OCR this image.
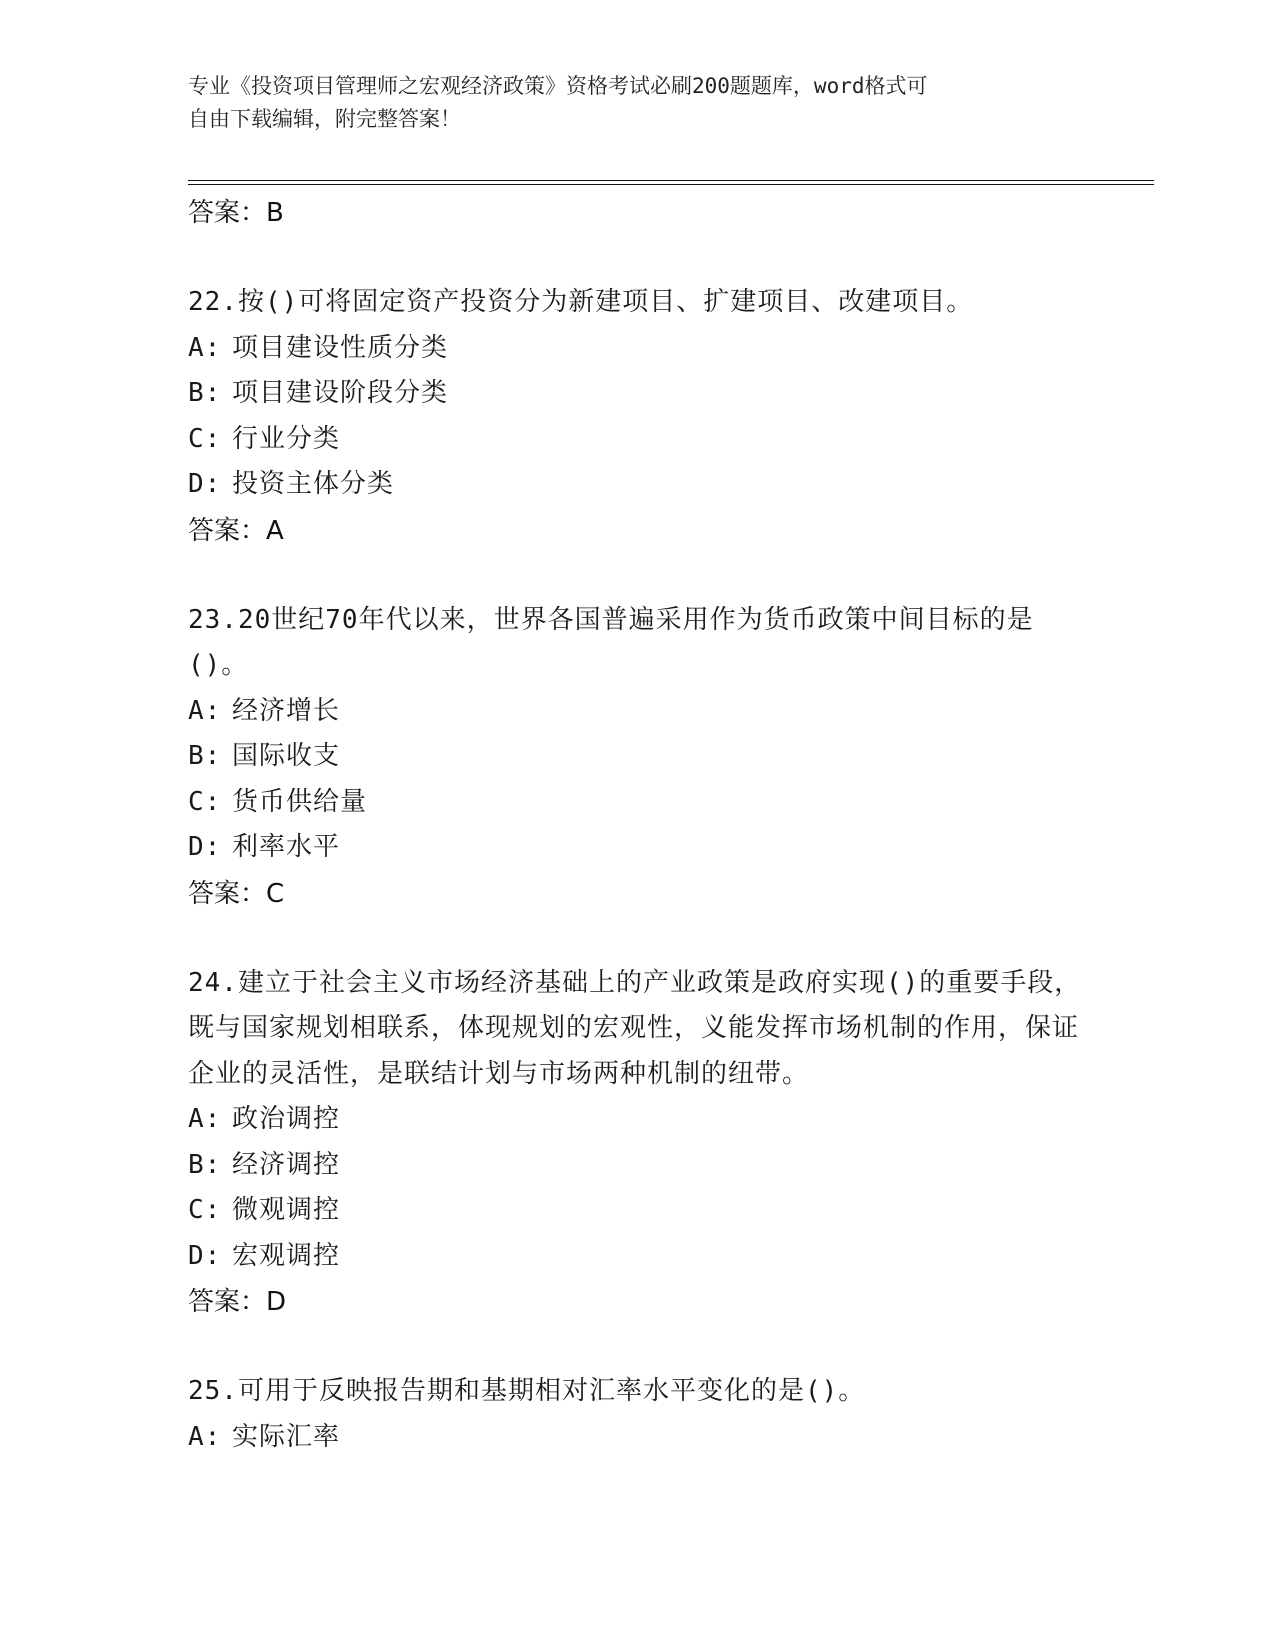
专业《投资项目管理师之宏观经济政策》资格考试必刷200题题库，word格式可
自由下载编辑，附完整答案！
答案：B
22.按()可将固定资产投资分为新建项目、扩建项目、改建项目。
A: 项目建设性质分类
B: 项目建设阶段分类
C: 行业分类
D: 投资主体分类
答案：A
23.20世纪70年代以来，世界各国普遍采用作为货币政策中间目标的是()。
A: 经济增长
B: 国际收支
C: 货币供给量
D: 利率水平
答案：C
24.建立于社会主义市场经济基础上的产业政策是政府实现()的重要手段，既与国家规划相联系，体现规划的宏观性，义能发挥市场机制的作用，保证企业的灵活性，是联结计划与市场两种机制的纽带。
A: 政治调控
B: 经济调控
C: 微观调控
D: 宏观调控
答案：D
25.可用于反映报告期和基期相对汇率水平变化的是()。
A: 实际汇率
